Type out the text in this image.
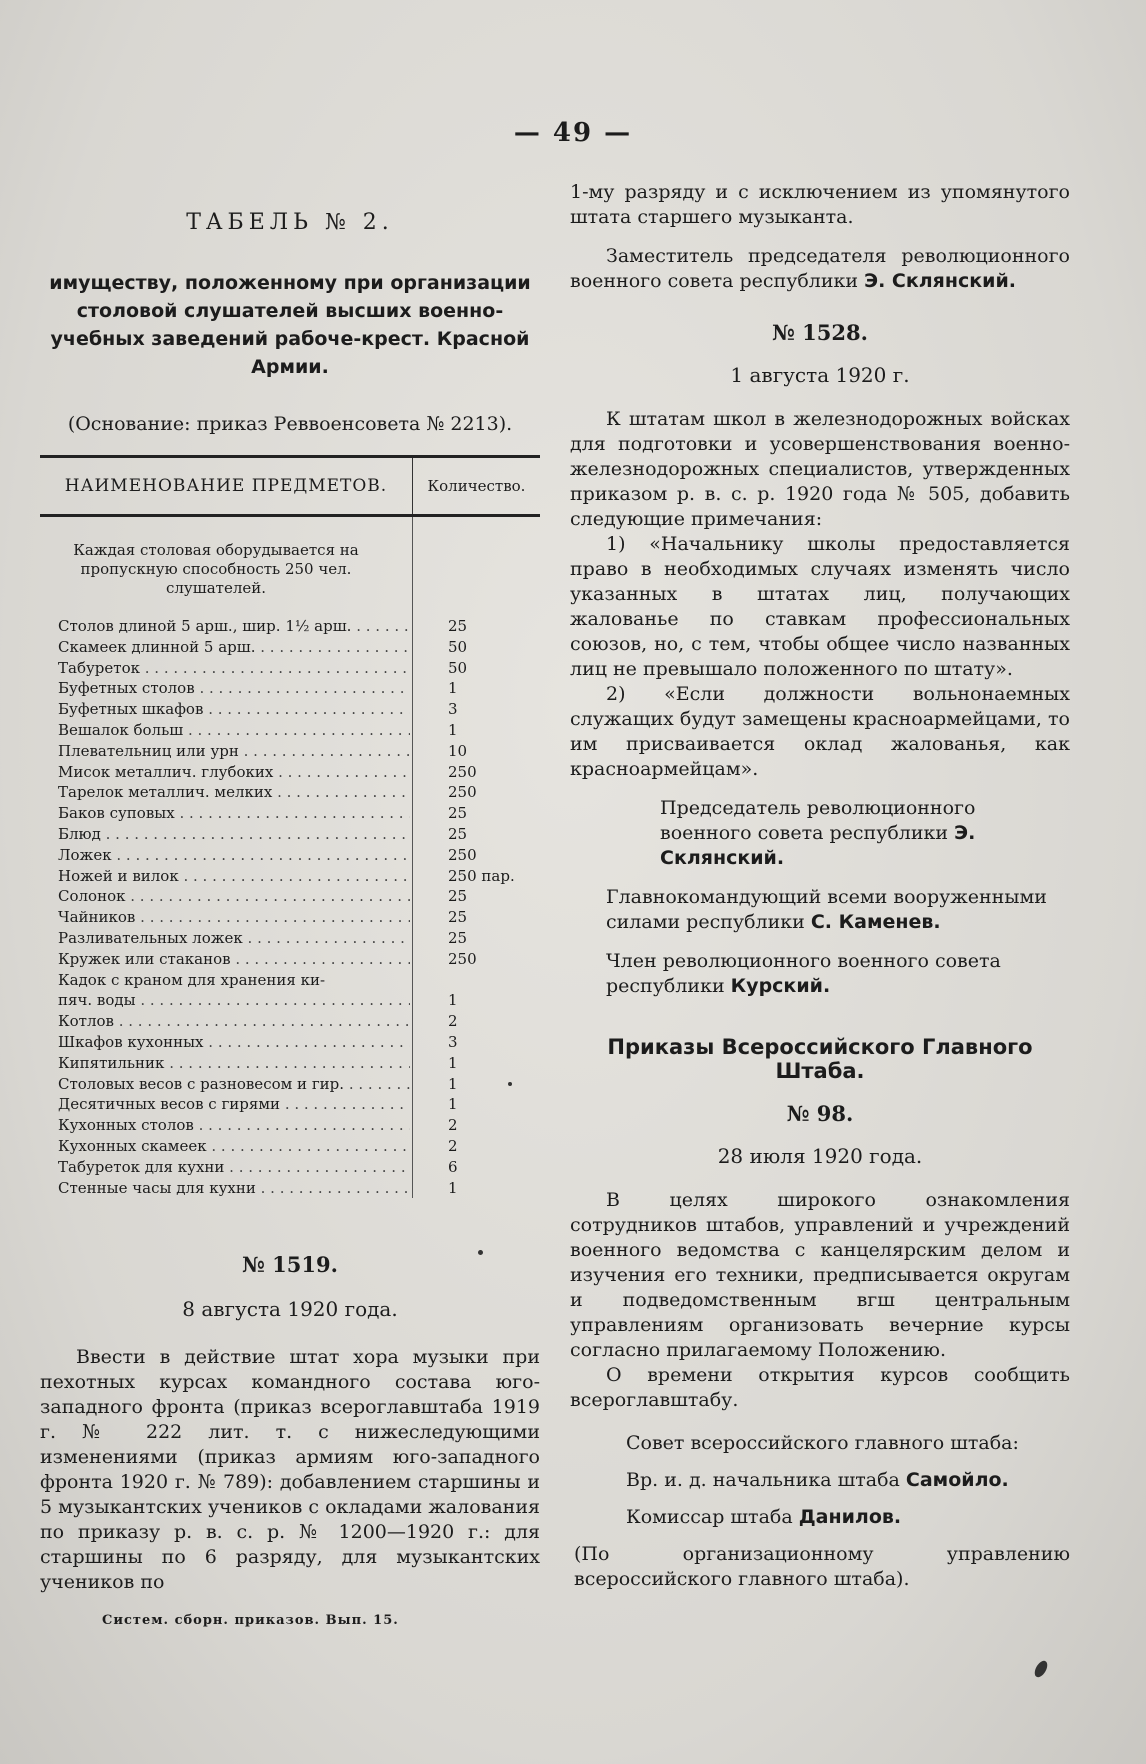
— 49 —
ТАБЕЛЬ № 2.
имуществу, положенному при организации столовой слушателей высших военно-учебных заведений рабоче-крест. Красной Армии.
(Основание: приказ Реввоенсовета № 2213).
НАИМЕНОВАНИЕ ПРЕДМЕТОВ.	Количество.
Каждая столовая оборудывается на пропускную способность 250 чел. слушателей.
Столов длиной 5 арш., шир. 1½ арш. . . .	25
Скамеек длинной 5 арш. . . .	50
Табуреток . . .	50
Буфетных столов . . .	1
Буфетных шкафов . . .	3
Вешалок больш . . .	1
Плевательниц или урн . . .	10
Мисок металлич. глубоких . . .	250
Тарелок металлич. мелких . . .	250
Баков суповых . . .	25
Блюд . . .	25
Ложек . . .	250
Ножей и вилок . . .	250 пар.
Солонок . . .	25
Чайников . . .	25
Разливательных ложек . . .	25
Кружек или стаканов . . .	250
Кадок с краном для хранения ки-
пяч. воды . . .	1
Котлов . . .	2
Шкафов кухонных . . .	3
Кипятильник . . .	1
Столовых весов с разновесом и гир. . . .	1
Десятичных весов с гирями . . .	1
Кухонных столов . . .	2
Кухонных скамеек . . .	2
Табуреток для кухни . . .	6
Стенные часы для кухни . . .	1
№ 1519.
8 августа 1920 года.

Ввести в действие штат хора музыки при пехотных курсах командного состава юго-западного фронта (приказ всероглавштаба 1919 г. № 222 лит. т. с нижеследующими изменениями (приказ армиям юго-западного фронта 1920 г. № 789): добавлением старшины и 5 музыкантских учеников с окладами жалования по приказу р. в. с. р. № 1200—1920 г.: для старшины по 6 разряду, для музыкантских учеников по

Систем. сборн. приказов. Вып. 15.

1-му разряду и с исключением из упомянутого штата старшего музыканта.

Заместитель председателя революционного военного совета республики Э. Склянский.

№ 1528.
1 августа 1920 г.

К штатам школ в железнодорожных войсках для подготовки и усовершенствования военно-железнодорожных специалистов, утвержденных приказом р. в. с. р. 1920 года № 505, добавить следующие примечания:

1) «Начальнику школы предоставляется право в необходимых случаях изменять число указанных в штатах лиц, получающих жалованье по ставкам профессиональных союзов, но, с тем, чтобы общее число названных лиц не превышало положенного по штату».

2) «Если должности вольнонаемных служащих будут замещены красноармейцами, то им присваивается оклад жалованья, как красноармейцам».

Председатель революционного военного совета республики Э. Склянский.

Главнокомандующий всеми вооруженными силами республики С. Каменев.

Член революционного военного совета республики Курский.

Приказы Всероссийского Главного Штаба.
№ 98.
28 июля 1920 года.

В целях широкого ознакомления сотрудников штабов, управлений и учреждений военного ведомства с канцелярским делом и изучения его техники, предписывается округам и подведомственным вгш центральным управлениям организовать вечерние курсы согласно прилагаемому Положению.

О времени открытия курсов сообщить всероглавштабу.

Совет всероссийского главного штаба:

Вр. и. д. начальника штаба Самойло.

Комиссар штаба Данилов.

(По организационному управлению всероссийского главного штаба).
